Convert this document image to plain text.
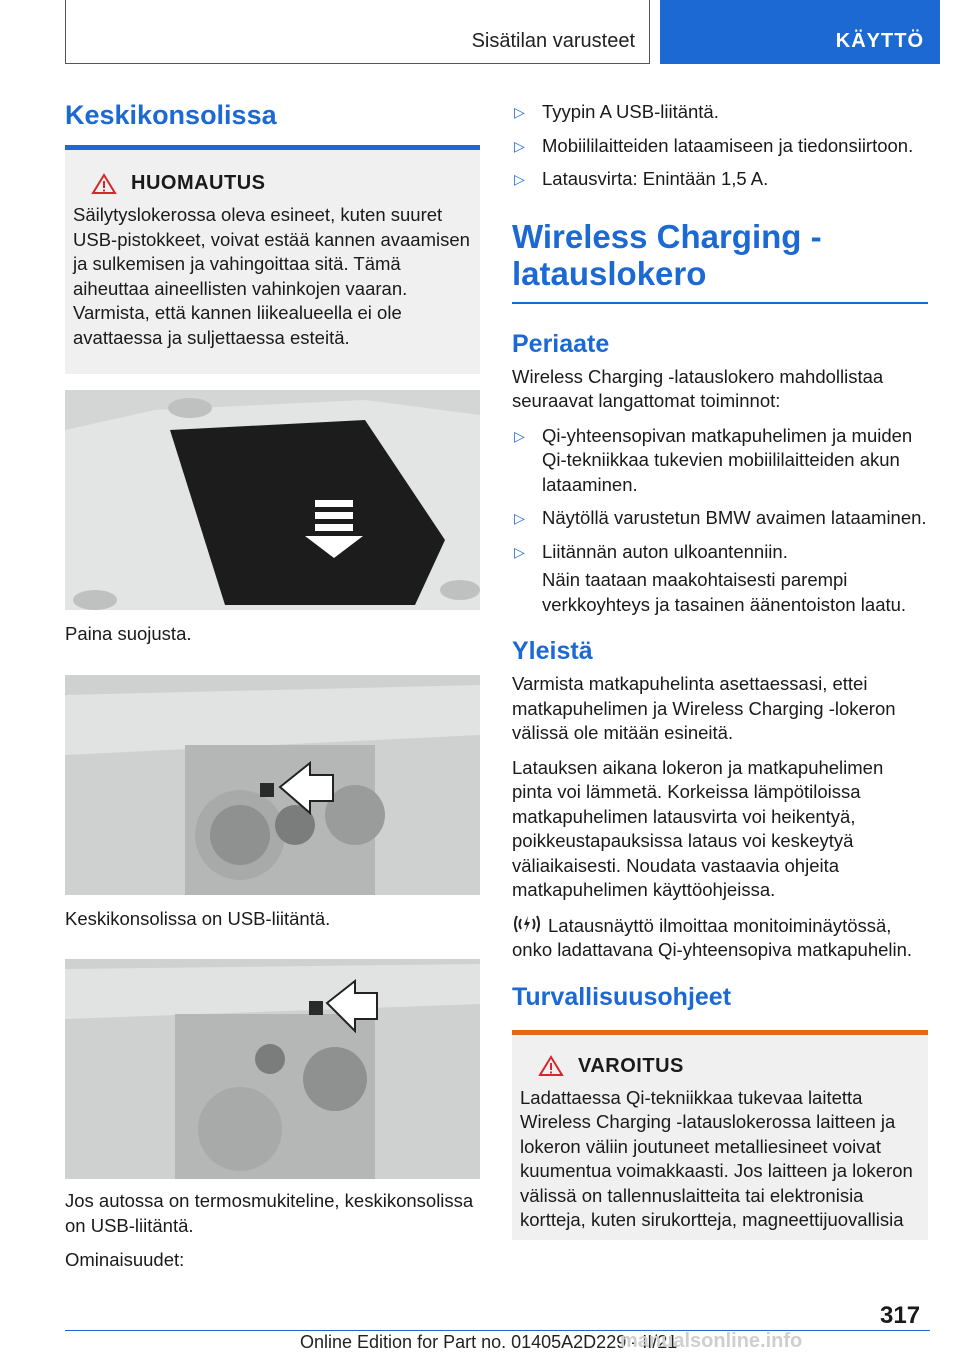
Sisätilan varusteet	KÄYTTÖ
Keskikonsolissa
HUOMAUTUS
Säilytyslokerossa oleva esineet, kuten suuret USB-pistokkeet, voivat estää kannen avaamisen ja sulkemisen ja vahingoittaa sitä. Tämä aiheuttaa aineellisten vahinkojen vaaran. Varmista, että kannen liikealueella ei ole avattaessa ja suljettaessa esteitä.

Paina suojusta.

Keskikonsolissa on USB-liitäntä.

Jos autossa on termosmukiteline, keskikonsolissa on USB-liitäntä.

Ominaisuudet:

▷ Tyypin A USB-liitäntä.
▷ Mobiililaitteiden lataamiseen ja tiedonsiirtoon.
▷ Latausvirta: Enintään 1,5 A.
Wireless Charging -latauslokero
Periaate

Wireless Charging -latauslokero mahdollistaa seuraavat langattomat toiminnot:

▷ Qi-yhteensopivan matkapuhelimen ja muiden Qi-tekniikkaa tukevien mobiililaitteiden akun lataaminen.
▷ Näytöllä varustetun BMW avaimen lataaminen.
▷ Liitännän auton ulkoantenniin.

Näin taataan maakohtaisesti parempi verkkoyhteys ja tasainen äänentoiston laatu.

Yleistä

Varmista matkapuhelinta asettaessasi, ettei matkapuhelimen ja Wireless Charging -lokeron välissä ole mitään esineitä.

Latauksen aikana lokeron ja matkapuhelimen pinta voi lämmetä. Korkeissa lämpötiloissa matkapuhelimen latausvirta voi heikentyä, poikkeustapauksissa lataus voi keskeytyä väliaikaisesti. Noudata vastaavia ohjeita matkapuhelimen käyttöohjeissa.

Latausnäyttö ilmoittaa monitoiminäytössä, onko ladattavana Qi-yhteensopiva matkapuhelin.

Turvallisuusohjeet
VAROITUS
Ladattaessa Qi-tekniikkaa tukevaa laitetta Wireless Charging -latauslokerossa laitteen ja lokeron väliin joutuneet metalliesineet voivat kuumentua voimakkaasti. Jos laitteen ja lokeron välissä on tallennuslaitteita tai elektronisia kortteja, kuten sirukortteja, magneettijuovallisia
317
Online Edition for Part no. 01405A2D229 - II/21
manualsonline.info
